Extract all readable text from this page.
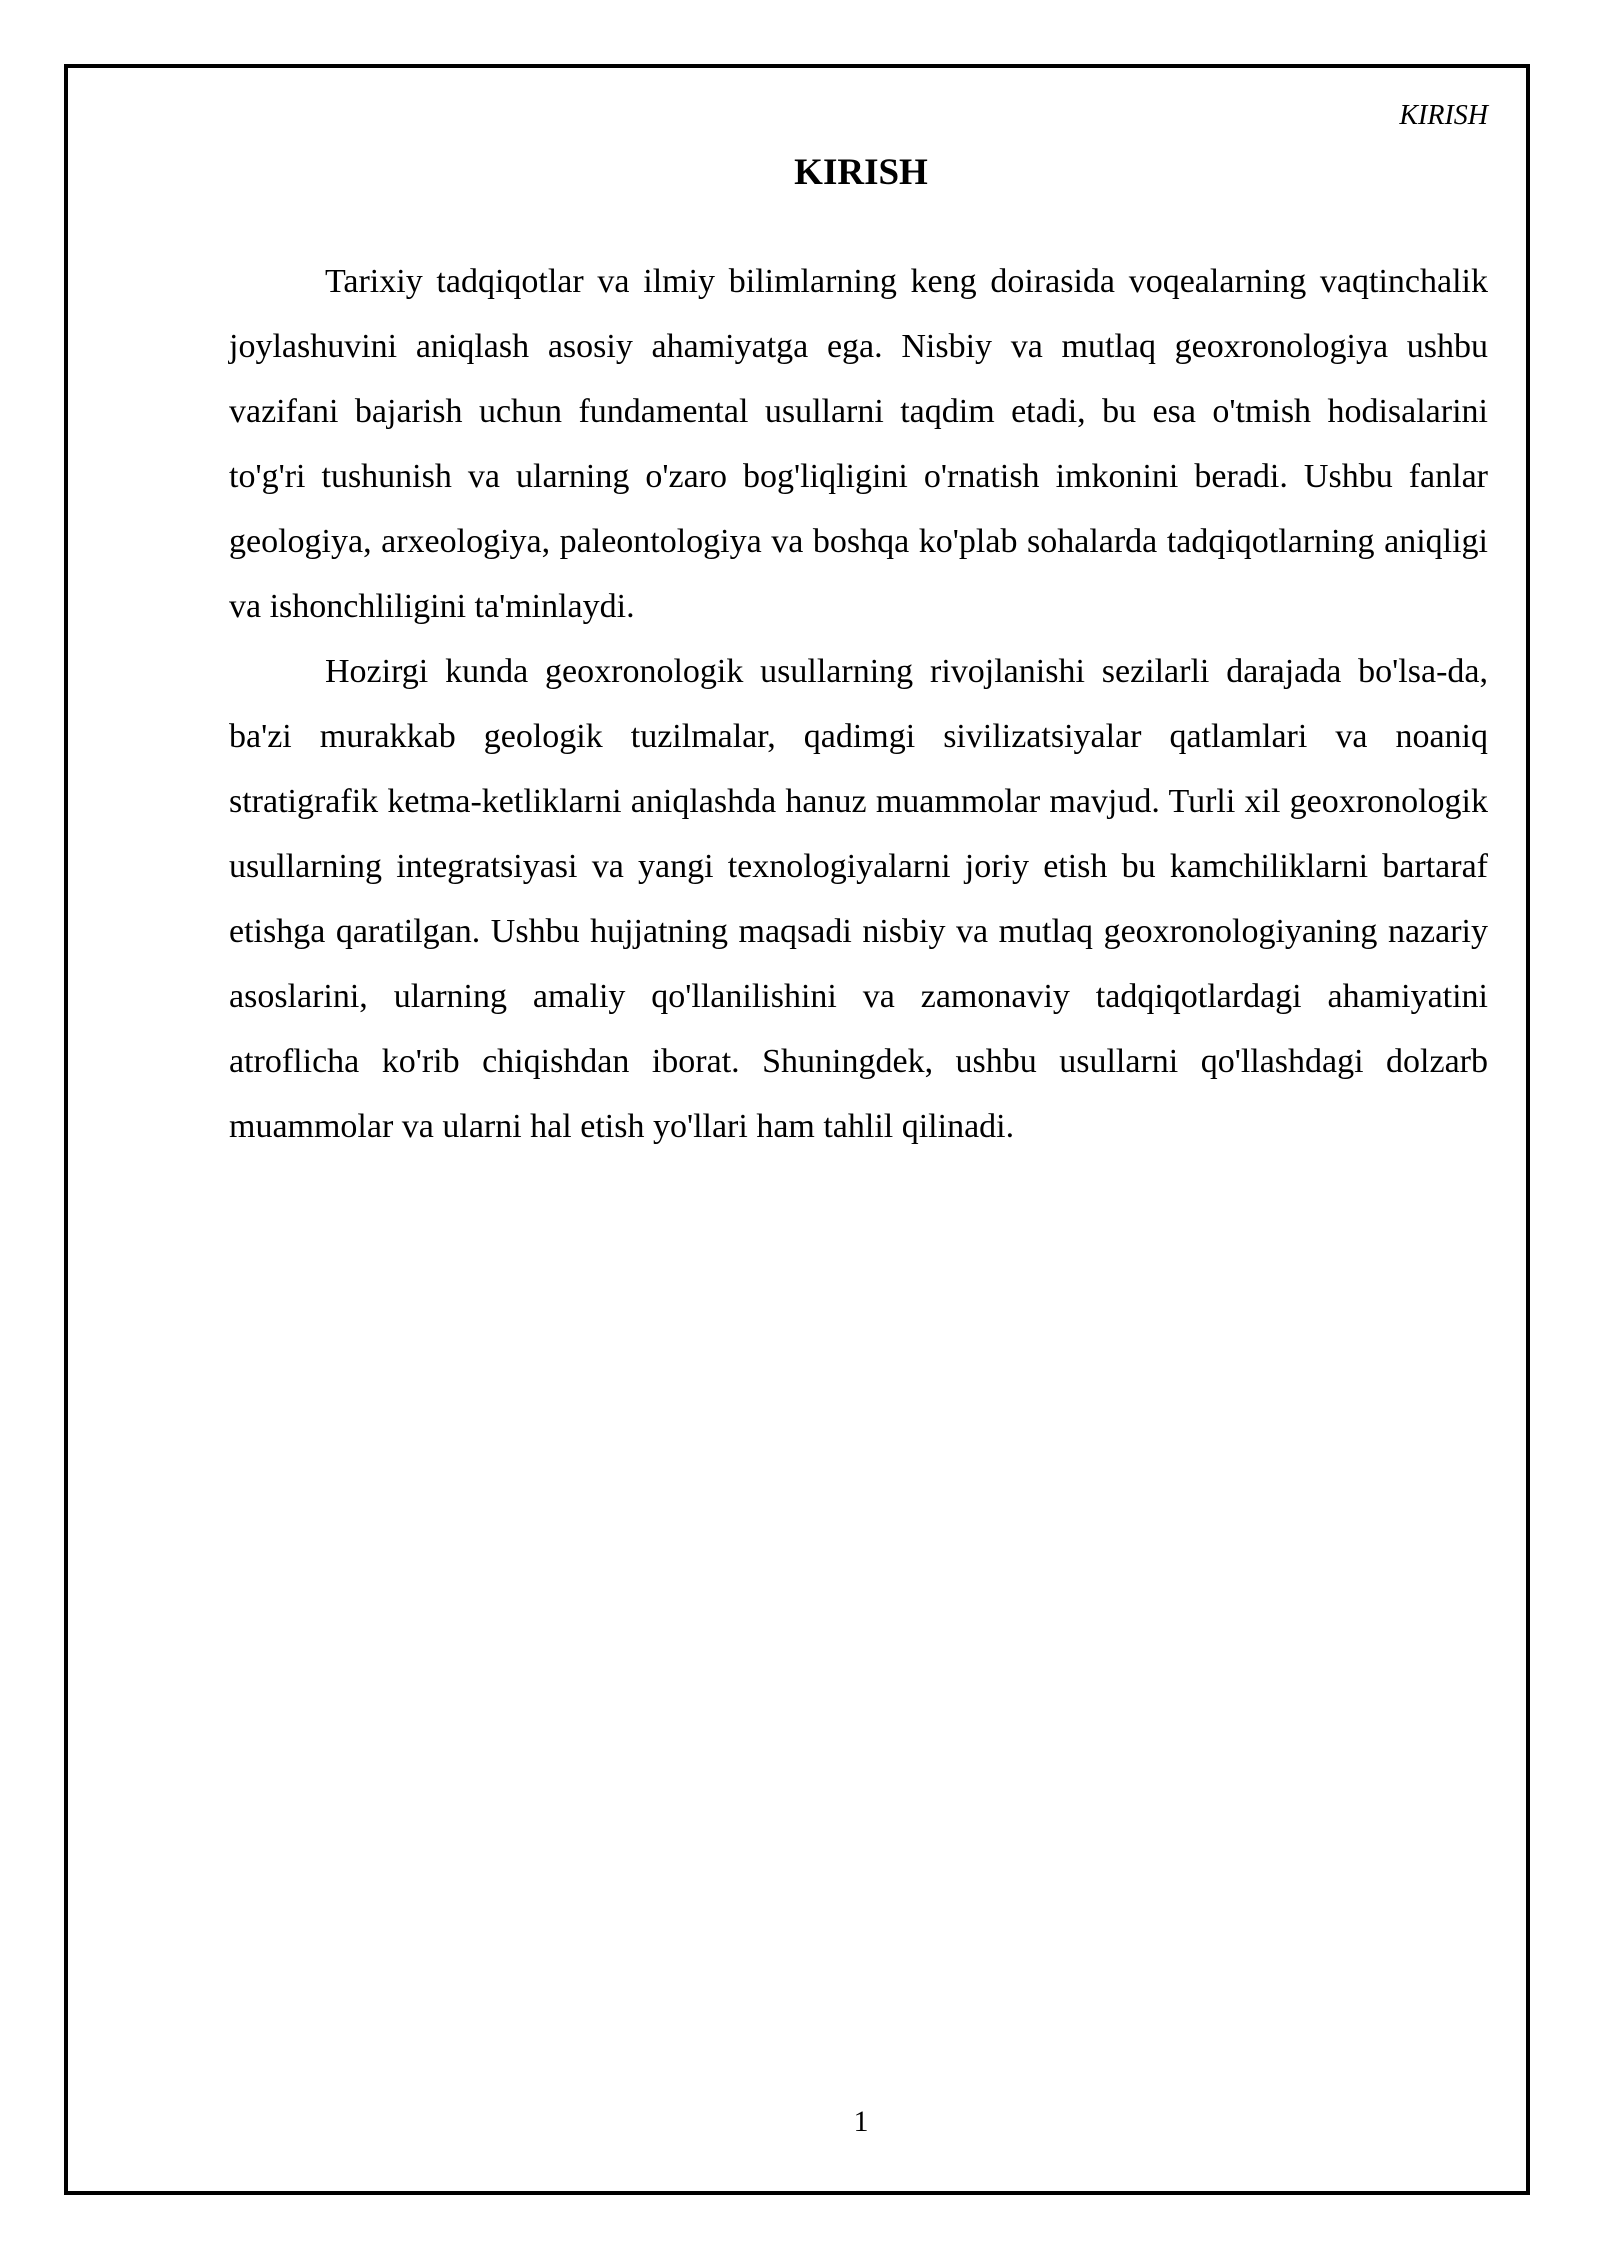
KIRISH
KIRISH

Tarixiy tadqiqotlar va ilmiy bilimlarning keng doirasida voqealarning vaqtinchalik joylashuvini aniqlash asosiy ahamiyatga ega. Nisbiy va mutlaq geoxronologiya ushbu vazifani bajarish uchun fundamental usullarni taqdim etadi, bu esa o'tmish hodisalarini to'g'ri tushunish va ularning o'zaro bog'liqligini o'rnatish imkonini beradi. Ushbu fanlar geologiya, arxeologiya, paleontologiya va boshqa ko'plab sohalarda tadqiqotlarning aniqligi va ishonchliligini ta'minlaydi.

Hozirgi kunda geoxronologik usullarning rivojlanishi sezilarli darajada bo'lsa-da, ba'zi murakkab geologik tuzilmalar, qadimgi sivilizatsiyalar qatlamlari va noaniq stratigrafik ketma-ketliklarni aniqlashda hanuz muammolar mavjud. Turli xil geoxronologik usullarning integratsiyasi va yangi texnologiyalarni joriy etish bu kamchiliklarni bartaraf etishga qaratilgan. Ushbu hujjatning maqsadi nisbiy va mutlaq geoxronologiyaning nazariy asoslarini, ularning amaliy qo'llanilishini va zamonaviy tadqiqotlardagi ahamiyatini atroflicha ko'rib chiqishdan iborat. Shuningdek, ushbu usullarni qo'llashdagi dolzarb muammolar va ularni hal etish yo'llari ham tahlil qilinadi.

1
